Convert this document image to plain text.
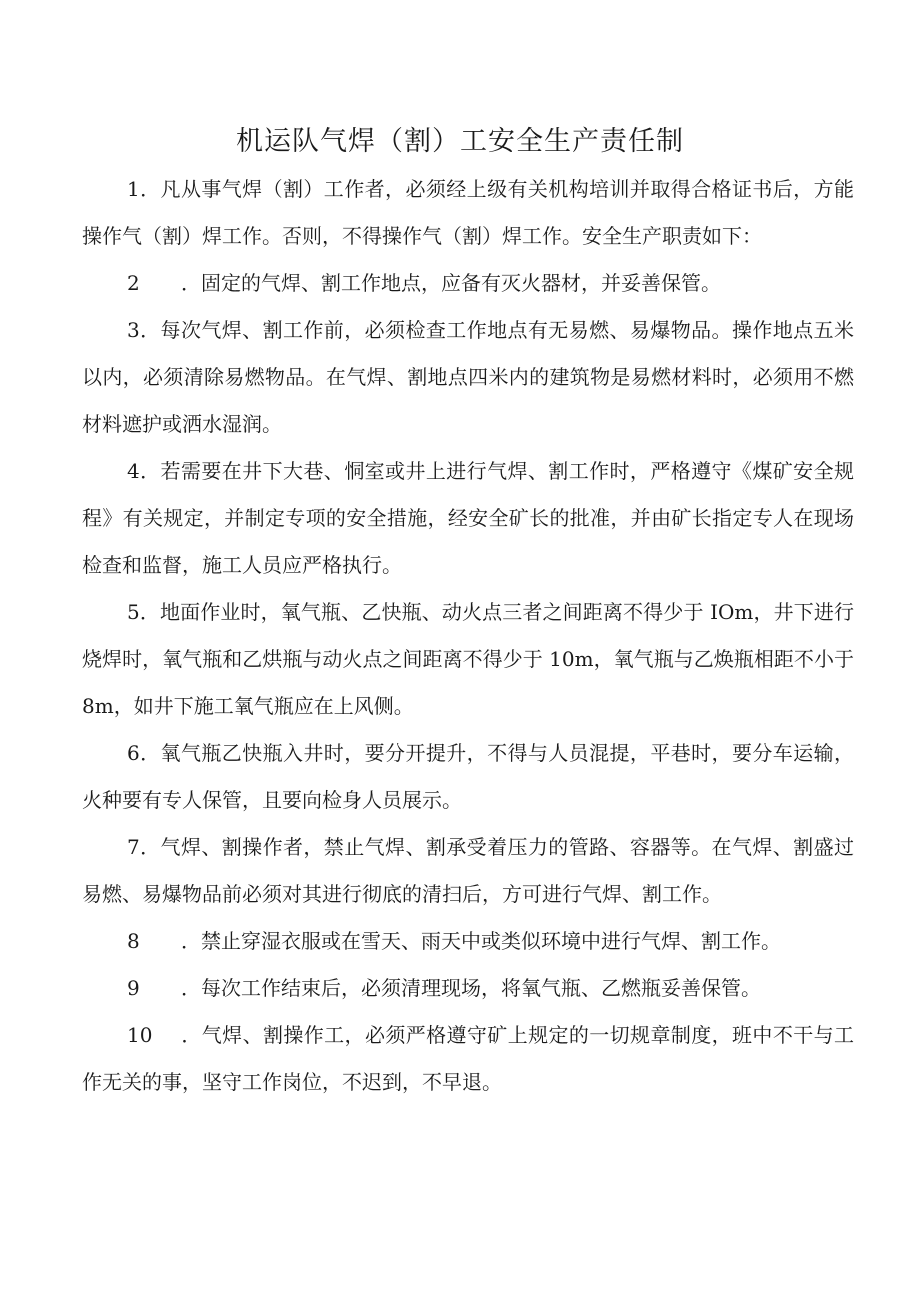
机运队气焊（割）工安全生产责任制

1．凡从事气焊（割）工作者，必须经上级有关机构培训并取得合格证书后，方能操作气（割）焊工作。否则，不得操作气（割）焊工作。安全生产职责如下：

2 ．固定的气焊、割工作地点，应备有灭火器材，并妥善保管。

3．每次气焊、割工作前，必须检查工作地点有无易燃、易爆物品。操作地点五米以内，必须清除易燃物品。在气焊、割地点四米内的建筑物是易燃材料时，必须用不燃材料遮护或洒水湿润。

4．若需要在井下大巷、恫室或井上进行气焊、割工作时，严格遵守《煤矿安全规程》有关规定，并制定专项的安全措施，经安全矿长的批准，并由矿长指定专人在现场检查和监督，施工人员应严格执行。

5．地面作业时，氧气瓶、乙快瓶、动火点三者之间距离不得少于 IOm，井下进行烧焊时，氧气瓶和乙烘瓶与动火点之间距离不得少于 10m，氧气瓶与乙焕瓶相距不小于 8m，如井下施工氧气瓶应在上风侧。

6．氧气瓶乙快瓶入井时，要分开提升，不得与人员混提，平巷时，要分车运输，火种要有专人保管，且要向检身人员展示。

7．气焊、割操作者，禁止气焊、割承受着压力的管路、容器等。在气焊、割盛过易燃、易爆物品前必须对其进行彻底的清扫后，方可进行气焊、割工作。

8 ．禁止穿湿衣服或在雪天、雨天中或类似环境中进行气焊、割工作。

9 ．每次工作结束后，必须清理现场，将氧气瓶、乙燃瓶妥善保管。

10 ．气焊、割操作工，必须严格遵守矿上规定的一切规章制度，班中不干与工作无关的事，坚守工作岗位，不迟到，不早退。
